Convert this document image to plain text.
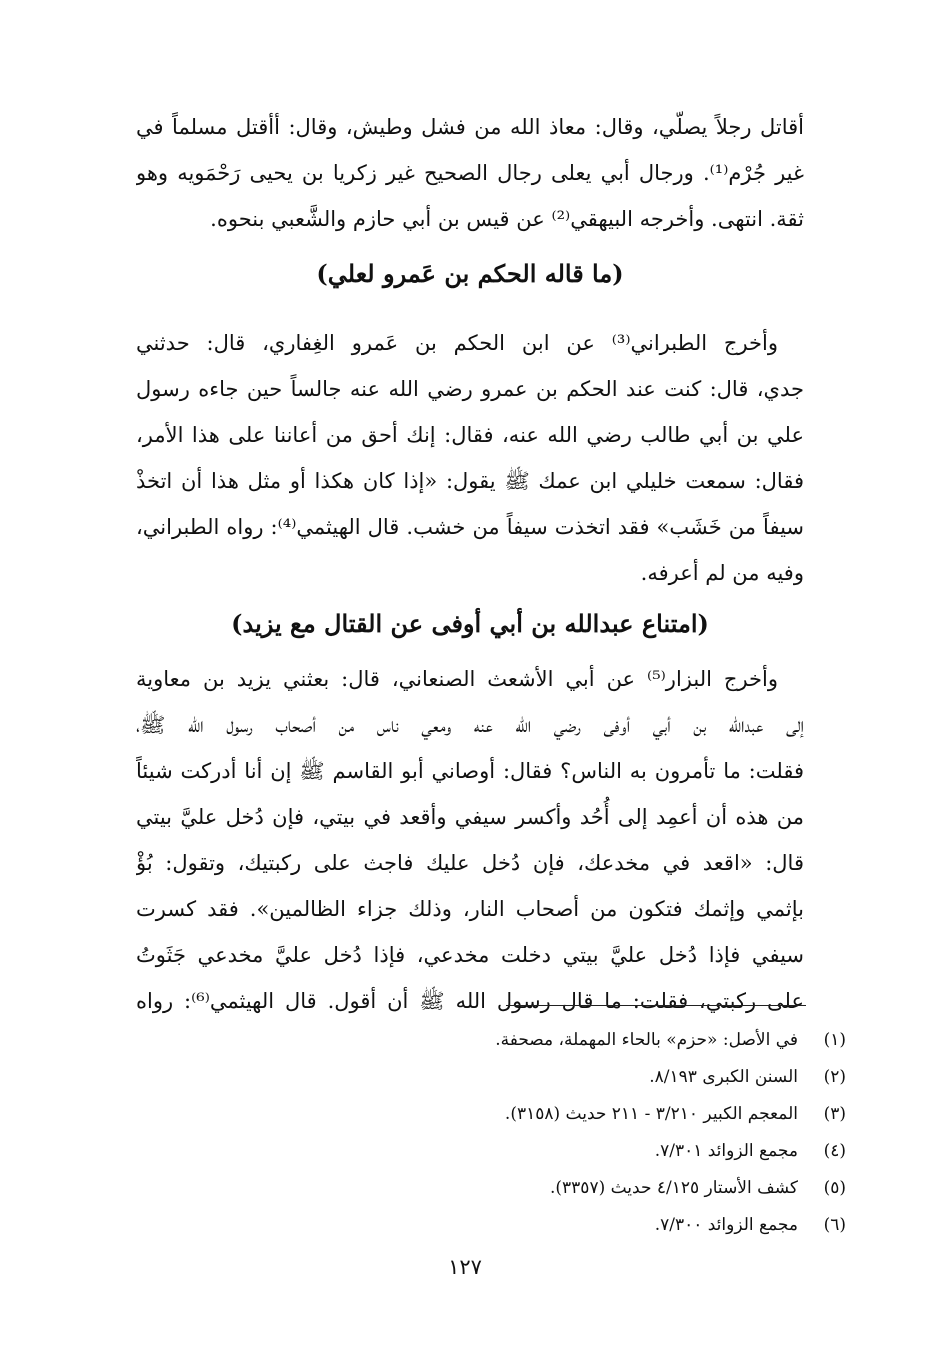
أقاتل رجلاً يصلّي، وقال: معاذ الله من فشل وطيش، وقال: أأقتل مسلماً في
غير جُرْم⁽¹⁾. ورجال أبي يعلى رجال الصحيح غير زكريا بن يحيى رَحْمَويه وهو
ثقة. انتهى. وأخرجه البيهقي⁽²⁾ عن قيس بن أبي حازم والشَّعبي بنحوه.
(ما قاله الحكم بن عَمرو لعلي)
وأخرج الطبراني⁽³⁾ عن ابن الحكم بن عَمرو الغِفاري، قال: حدثني
جدي، قال: كنت عند الحكم بن عمرو رضي الله عنه جالساً حين جاءه رسول
علي بن أبي طالب رضي الله عنه، فقال: إنك أحق من أعاننا على هذا الأمر،
فقال: سمعت خليلي ابن عمك ﷺ يقول: «إذا كان هكذا أو مثل هذا أن اتخذْ
سيفاً من خَشَب» فقد اتخذت سيفاً من خشب. قال الهيثمي⁽⁴⁾: رواه الطبراني،
وفيه من لم أعرفه.
(امتناع عبدالله بن أبي أوفى عن القتال مع يزيد)
وأخرج البزار⁽⁵⁾ عن أبي الأشعث الصنعاني، قال: بعثني يزيد بن معاوية
إلى عبدالله بن أبي أوفى رضي الله عنه ومعي ناس من أصحاب رسول الله ﷺ،
فقلت: ما تأمرون به الناس؟ فقال: أوصاني أبو القاسم ﷺ إن أنا أدركت شيئاً
من هذه أن أعمِد إلى أُحُد وأكسر سيفي وأقعد في بيتي، فإن دُخل عليَّ بيتي
قال: «اقعد في مخدعك، فإن دُخل عليك فاجث على ركبتيك، وتقول: بُؤْ
بإثمي وإثمك فتكون من أصحاب النار، وذلك جزاء الظالمين». فقد كسرت
سيفي فإذا دُخل عليَّ بيتي دخلت مخدعي، فإذا دُخل عليَّ مخدعي جَثَوتُ
على ركبتي، فقلت: ما قال رسول الله ﷺ أن أقول. قال الهيثمي⁽⁶⁾: رواه
(١)
في الأصل: «حزم» بالحاء المهملة، مصحفة.
(٢)
السنن الكبرى ٨/١٩٣.
(٣)
المعجم الكبير ٣/٢١٠ - ٢١١ حديث (٣١٥٨).
(٤)
مجمع الزوائد ٧/٣٠١.
(٥)
كشف الأستار ٤/١٢٥ حديث (٣٣٥٧).
(٦)
مجمع الزوائد ٧/٣٠٠.
١٢٧
